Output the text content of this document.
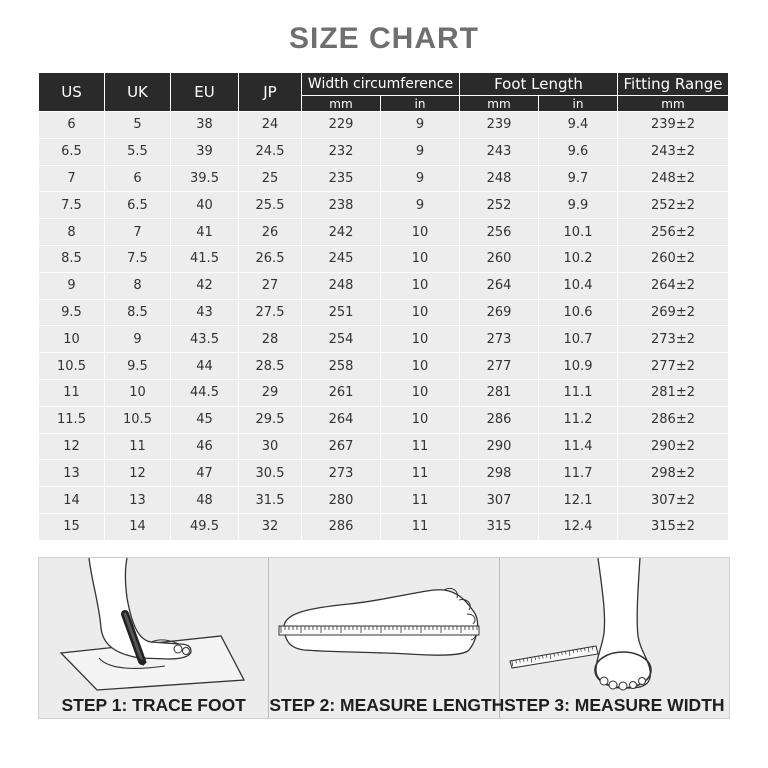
SIZE CHART
US	UK	EU	JP	Width circumference		Foot Length		Fitting Range
				mm	in	mm	in	mm
6	5	38	24	229	9	239	9.4	239±2
6.5	5.5	39	24.5	232	9	243	9.6	243±2
7	6	39.5	25	235	9	248	9.7	248±2
7.5	6.5	40	25.5	238	9	252	9.9	252±2
8	7	41	26	242	10	256	10.1	256±2
8.5	7.5	41.5	26.5	245	10	260	10.2	260±2
9	8	42	27	248	10	264	10.4	264±2
9.5	8.5	43	27.5	251	10	269	10.6	269±2
10	9	43.5	28	254	10	273	10.7	273±2
10.5	9.5	44	28.5	258	10	277	10.9	277±2
11	10	44.5	29	261	10	281	11.1	281±2
11.5	10.5	45	29.5	264	10	286	11.2	286±2
12	11	46	30	267	11	290	11.4	290±2
13	12	47	30.5	273	11	298	11.7	298±2
14	13	48	31.5	280	11	307	12.1	307±2
15	14	49.5	32	286	11	315	12.4	315±2
STEP 1: TRACE FOOT	STEP 2: MEASURE LENGTH STEP 3: MEASURE WIDTH
